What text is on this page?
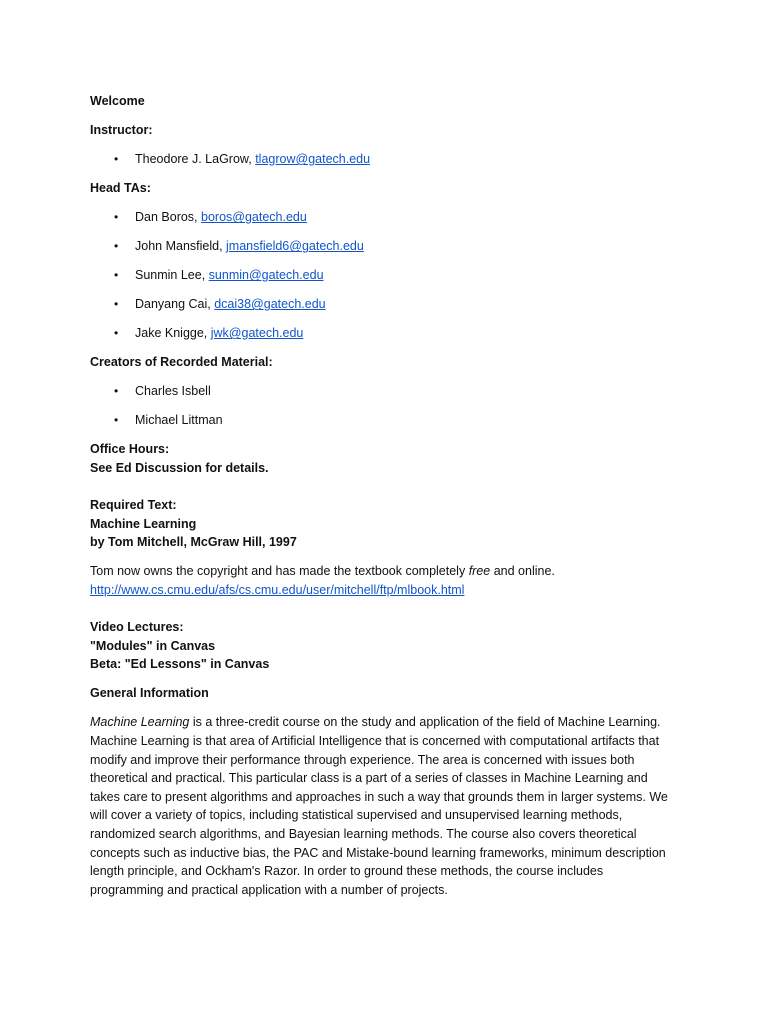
Welcome

Instructor:

• Theodore J. LaGrow, tlagrow@gatech.edu

Head TAs:

• Dan Boros, boros@gatech.edu
• John Mansfield, jmansfield6@gatech.edu
• Sunmin Lee, sunmin@gatech.edu
• Danyang Cai, dcai38@gatech.edu
• Jake Knigge, jwk@gatech.edu

Creators of Recorded Material:

• Charles Isbell
• Michael Littman

Office Hours:

See Ed Discussion for details.

Required Text:

Machine Learning

by Tom Mitchell, McGraw Hill, 1997

Tom now owns the copyright and has made the textbook completely free and online.

http://www.cs.cmu.edu/afs/cs.cmu.edu/user/mitchell/ftp/mlbook.html

Video Lectures:

"Modules" in Canvas

Beta: "Ed Lessons" in Canvas

General Information

Machine Learning is a three-credit course on the study and application of the field of Machine Learning. Machine Learning is that area of Artificial Intelligence that is concerned with computational artifacts that modify and improve their performance through experience. The area is concerned with issues both theoretical and practical. This particular class is a part of a series of classes in Machine Learning and takes care to present algorithms and approaches in such a way that grounds them in larger systems. We will cover a variety of topics, including statistical supervised and unsupervised learning methods, randomized search algorithms, and Bayesian learning methods. The course also covers theoretical concepts such as inductive bias, the PAC and Mistake-bound learning frameworks, minimum description length principle, and Ockham's Razor. In order to ground these methods, the course includes programming and practical application with a number of projects.
